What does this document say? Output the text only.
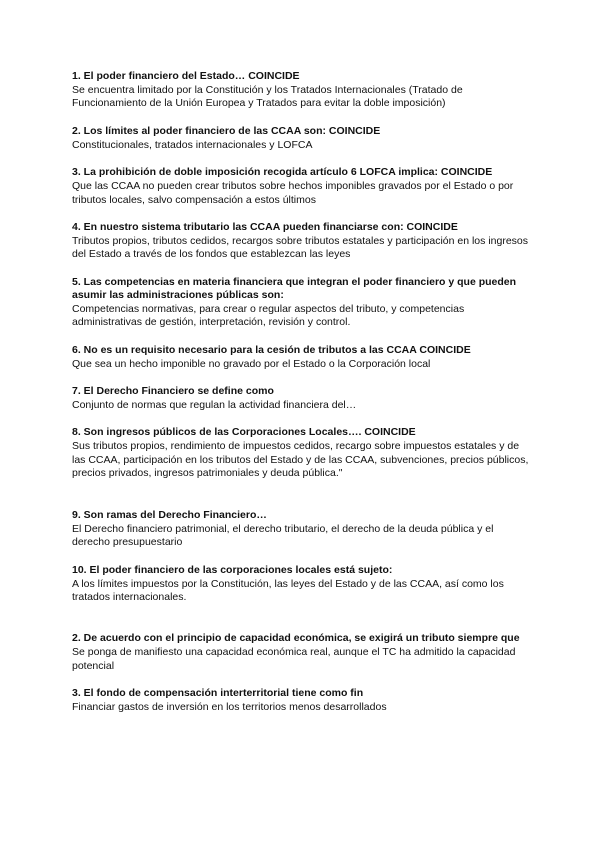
1. El poder financiero del Estado… COINCIDE

Se encuentra limitado por la Constitución y los Tratados Internacionales (Tratado de Funcionamiento de la Unión Europea y Tratados para evitar la doble imposición)

2. Los límites al poder financiero de las CCAA son: COINCIDE

Constitucionales, tratados internacionales y LOFCA

3. La prohibición de doble imposición recogida artículo 6 LOFCA implica: COINCIDE

Que las CCAA no pueden crear tributos sobre hechos imponibles gravados por el Estado o por tributos locales, salvo compensación a estos últimos

4. En nuestro sistema tributario las CCAA pueden financiarse con: COINCIDE

Tributos propios, tributos cedidos, recargos sobre tributos estatales y participación en los ingresos del Estado a través de los fondos que establezcan las leyes

5. Las competencias en materia financiera que integran el poder financiero y que pueden asumir las administraciones públicas son:

Competencias normativas, para crear o regular aspectos del tributo, y competencias administrativas de gestión, interpretación, revisión y control.

6. No es un requisito necesario para la cesión de tributos a las CCAA COINCIDE

Que sea un hecho imponible no gravado por el Estado o la Corporación local

7. El Derecho Financiero se define como

Conjunto de normas que regulan la actividad financiera del…

8. Son ingresos públicos de las Corporaciones Locales…. COINCIDE

Sus tributos propios, rendimiento de impuestos cedidos, recargo sobre impuestos estatales y de las CCAA, participación en los tributos del Estado y de las CCAA, subvenciones, precios públicos, precios privados, ingresos patrimoniales y deuda pública."

9. Son ramas del Derecho Financiero…

El Derecho financiero patrimonial, el derecho tributario, el derecho de la deuda pública y el derecho presupuestario

10. El poder financiero de las corporaciones locales está sujeto:

A los límites impuestos por la Constitución, las leyes del Estado y de las CCAA, así como los tratados internacionales.

2. De acuerdo con el principio de capacidad económica, se exigirá un tributo siempre que

Se ponga de manifiesto una capacidad económica real, aunque el TC ha admitido la capacidad potencial

3. El fondo de compensación interterritorial tiene como fin

Financiar gastos de inversión en los territorios menos desarrollados
